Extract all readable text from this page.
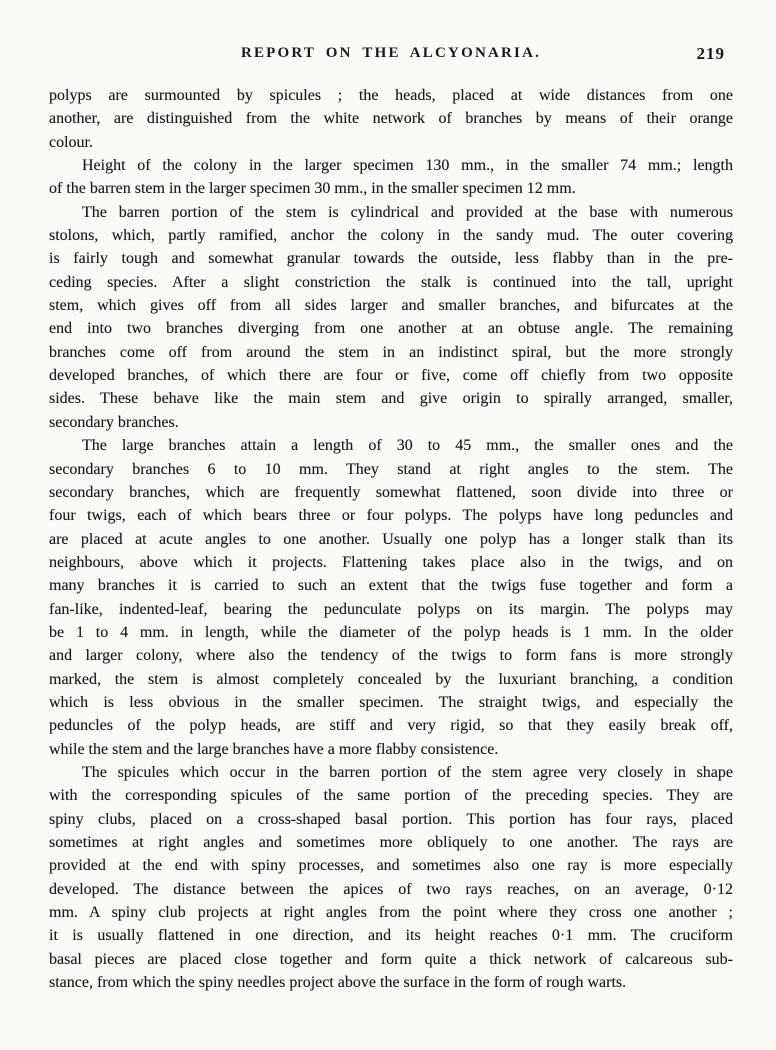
REPORT ON THE ALCYONARIA.	219
polyps are surmounted by spicules ; the heads, placed at wide distances from one
another, are distinguished from the white network of branches by means of their orange
colour.
Height of the colony in the larger specimen 130 mm., in the smaller 74 mm.; length
of the barren stem in the larger specimen 30 mm., in the smaller specimen 12 mm.
The barren portion of the stem is cylindrical and provided at the base with numerous
stolons, which, partly ramified, anchor the colony in the sandy mud. The outer covering
is fairly tough and somewhat granular towards the outside, less flabby than in the pre-
ceding species. After a slight constriction the stalk is continued into the tall, upright
stem, which gives off from all sides larger and smaller branches, and bifurcates at the
end into two branches diverging from one another at an obtuse angle. The remaining
branches come off from around the stem in an indistinct spiral, but the more strongly
developed branches, of which there are four or five, come off chiefly from two opposite
sides. These behave like the main stem and give origin to spirally arranged, smaller,
secondary branches.
The large branches attain a length of 30 to 45 mm., the smaller ones and the
secondary branches 6 to 10 mm. They stand at right angles to the stem. The
secondary branches, which are frequently somewhat flattened, soon divide into three or
four twigs, each of which bears three or four polyps. The polyps have long peduncles and
are placed at acute angles to one another. Usually one polyp has a longer stalk than its
neighbours, above which it projects. Flattening takes place also in the twigs, and on
many branches it is carried to such an extent that the twigs fuse together and form a
fan-like, indented-leaf, bearing the pedunculate polyps on its margin. The polyps may
be 1 to 4 mm. in length, while the diameter of the polyp heads is 1 mm. In the older
and larger colony, where also the tendency of the twigs to form fans is more strongly
marked, the stem is almost completely concealed by the luxuriant branching, a condition
which is less obvious in the smaller specimen. The straight twigs, and especially the
peduncles of the polyp heads, are stiff and very rigid, so that they easily break off,
while the stem and the large branches have a more flabby consistence.
The spicules which occur in the barren portion of the stem agree very closely in shape
with the corresponding spicules of the same portion of the preceding species. They are
spiny clubs, placed on a cross-shaped basal portion. This portion has four rays, placed
sometimes at right angles and sometimes more obliquely to one another. The rays are
provided at the end with spiny processes, and sometimes also one ray is more especially
developed. The distance between the apices of two rays reaches, on an average, 0·12
mm. A spiny club projects at right angles from the point where they cross one another ;
it is usually flattened in one direction, and its height reaches 0·1 mm. The cruciform
basal pieces are placed close together and form quite a thick network of calcareous sub-
stance, from which the spiny needles project above the surface in the form of rough warts.
